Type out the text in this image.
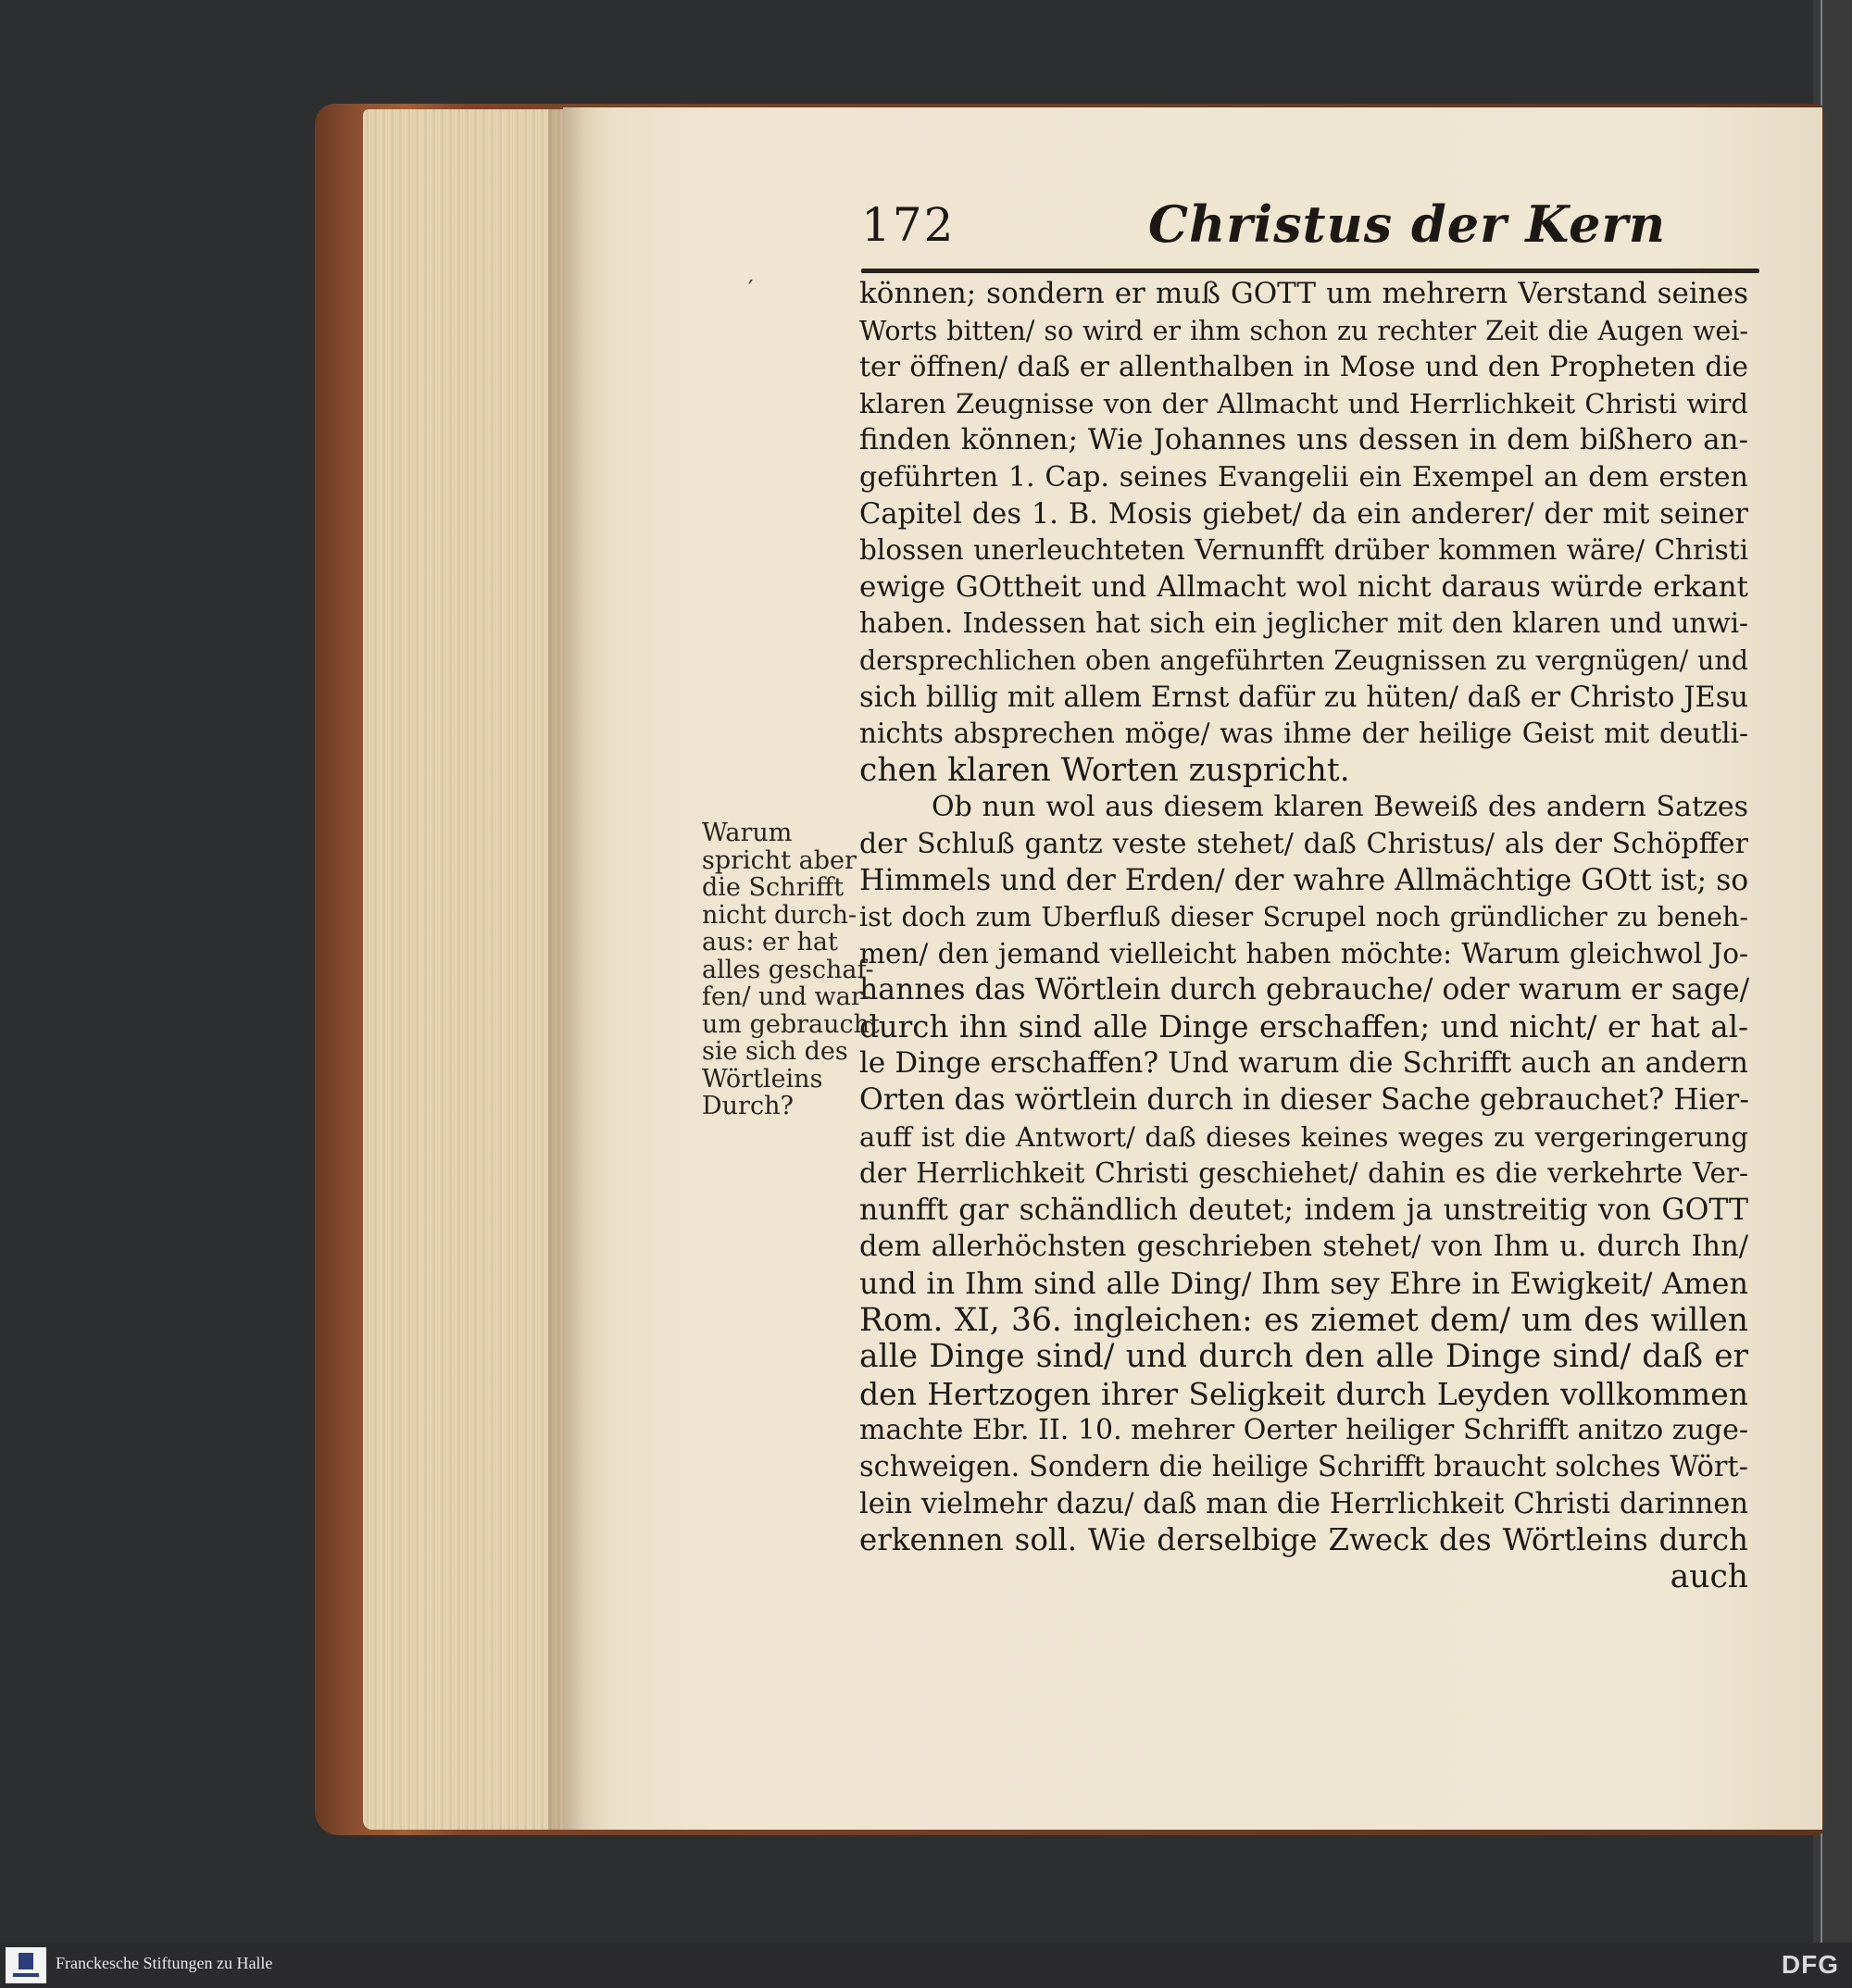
′
172	Christus der Kern
können; sondern er muß GOTT um mehrern Verstand seines
Worts bitten/ so wird er ihm schon zu rechter Zeit die Augen wei-
ter öffnen/ daß er allenthalben in Mose und den Propheten die
klaren Zeugnisse von der Allmacht und Herrlichkeit Christi wird
finden können; Wie Johannes uns dessen in dem bißhero an-
geführten 1. Cap. seines Evangelii ein Exempel an dem ersten
Capitel des 1. B. Mosis giebet/ da ein anderer/ der mit seiner
blossen unerleuchteten Vernunfft drüber kommen wäre/ Christi
ewige GOttheit und Allmacht wol nicht daraus würde erkant
haben. Indessen hat sich ein jeglicher mit den klaren und unwi-
dersprechlichen oben angeführten Zeugnissen zu vergnügen/ und
sich billig mit allem Ernst dafür zu hüten/ daß er Christo JEsu
nichts absprechen möge/ was ihme der heilige Geist mit deutli-
chen klaren Worten zuspricht.
Ob nun wol aus diesem klaren Beweiß des andern Satzes
der Schluß gantz veste stehet/ daß Christus/ als der Schöpffer
Himmels und der Erden/ der wahre Allmächtige GOtt ist; so
ist doch zum Uberfluß dieser Scrupel noch gründlicher zu beneh-
men/ den jemand vielleicht haben möchte: Warum gleichwol Jo-
hannes das Wörtlein durch gebrauche/ oder warum er sage/
durch ihn sind alle Dinge erschaffen; und nicht/ er hat al-
le Dinge erschaffen? Und warum die Schrifft auch an andern
Orten das wörtlein durch in dieser Sache gebrauchet? Hier-
auff ist die Antwort/ daß dieses keines weges zu vergeringerung
der Herrlichkeit Christi geschiehet/ dahin es die verkehrte Ver-
nunfft gar schändlich deutet; indem ja unstreitig von GOTT
dem allerhöchsten geschrieben stehet/ von Ihm u. durch Ihn/
und in Ihm sind alle Ding/ Ihm sey Ehre in Ewigkeit/ Amen
Rom. XI, 36. ingleichen: es ziemet dem/ um des willen
alle Dinge sind/ und durch den alle Dinge sind/ daß er
den Hertzogen ihrer Seligkeit durch Leyden vollkommen
machte Ebr. II. 10. mehrer Oerter heiliger Schrifft anitzo zuge-
schweigen. Sondern die heilige Schrifft braucht solches Wört-
lein vielmehr dazu/ daß man die Herrlichkeit Christi darinnen
erkennen soll. Wie derselbige Zweck des Wörtleins durch
auch
Warum
spricht aber
die Schrifft
nicht durch-
aus: er hat
alles geschaf-
fen/ und war-
um gebraucht
sie sich des
Wörtleins
Durch?
Franckesche Stiftungen zu Halle	DFG
